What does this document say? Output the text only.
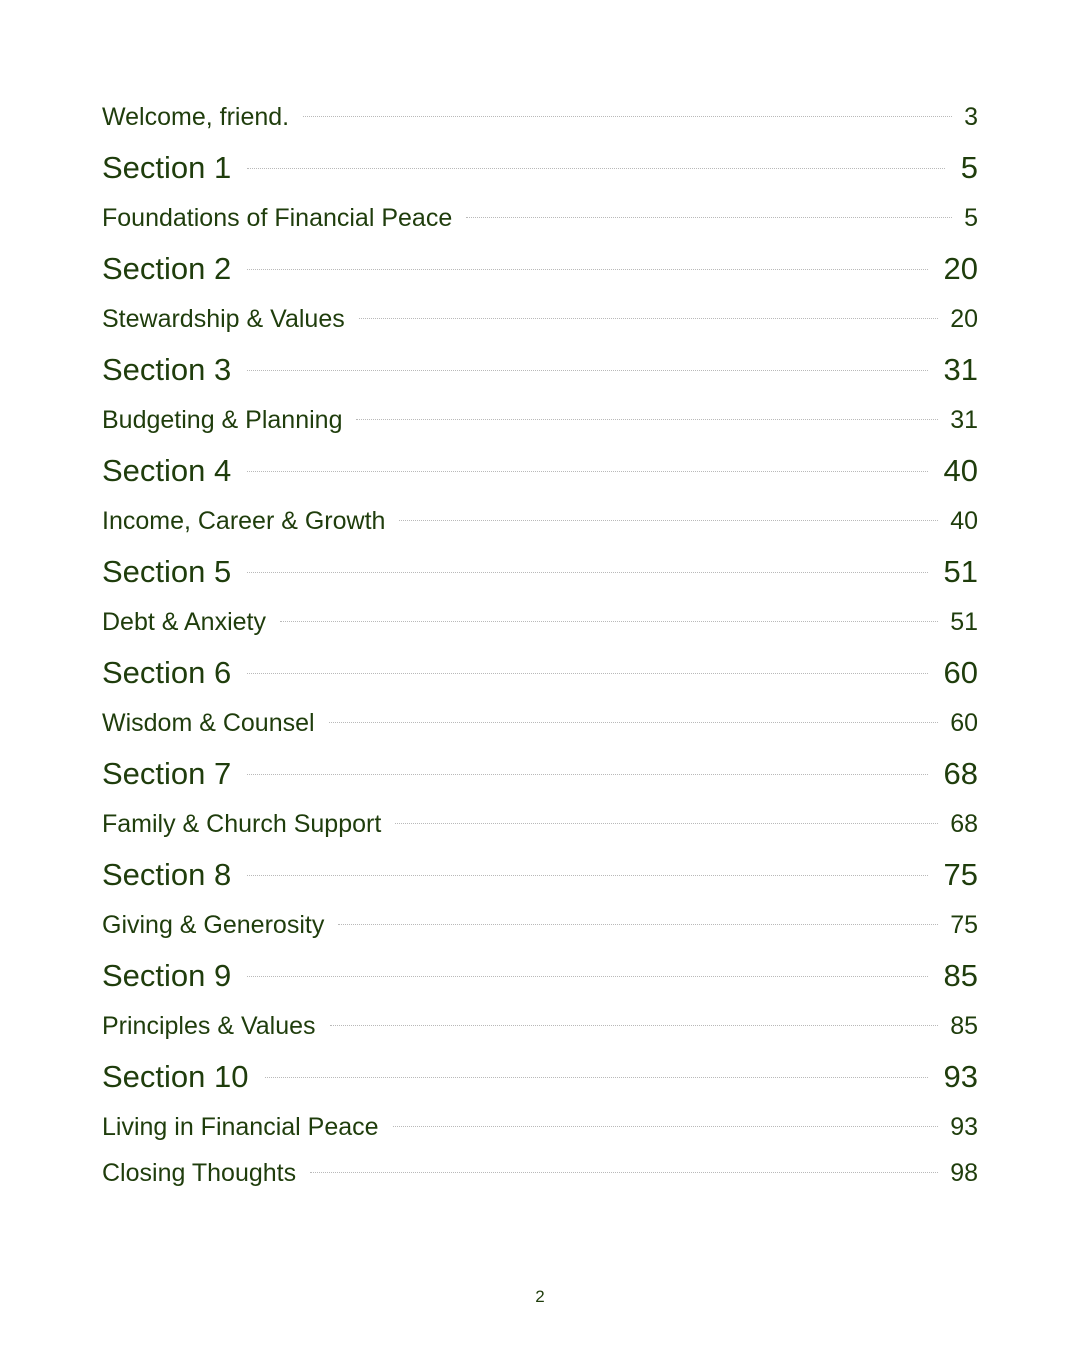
Welcome, friend.	3
Section 1	5
Foundations of Financial Peace	5
Section 2	20
Stewardship & Values	20
Section 3	31
Budgeting & Planning	31
Section 4	40
Income, Career & Growth	40
Section 5	51
Debt & Anxiety	51
Section 6	60
Wisdom & Counsel	60
Section 7	68
Family & Church Support	68
Section 8	75
Giving & Generosity	75
Section 9	85
Principles & Values	85
Section 10	93
Living in Financial Peace	93
Closing Thoughts	98
2
